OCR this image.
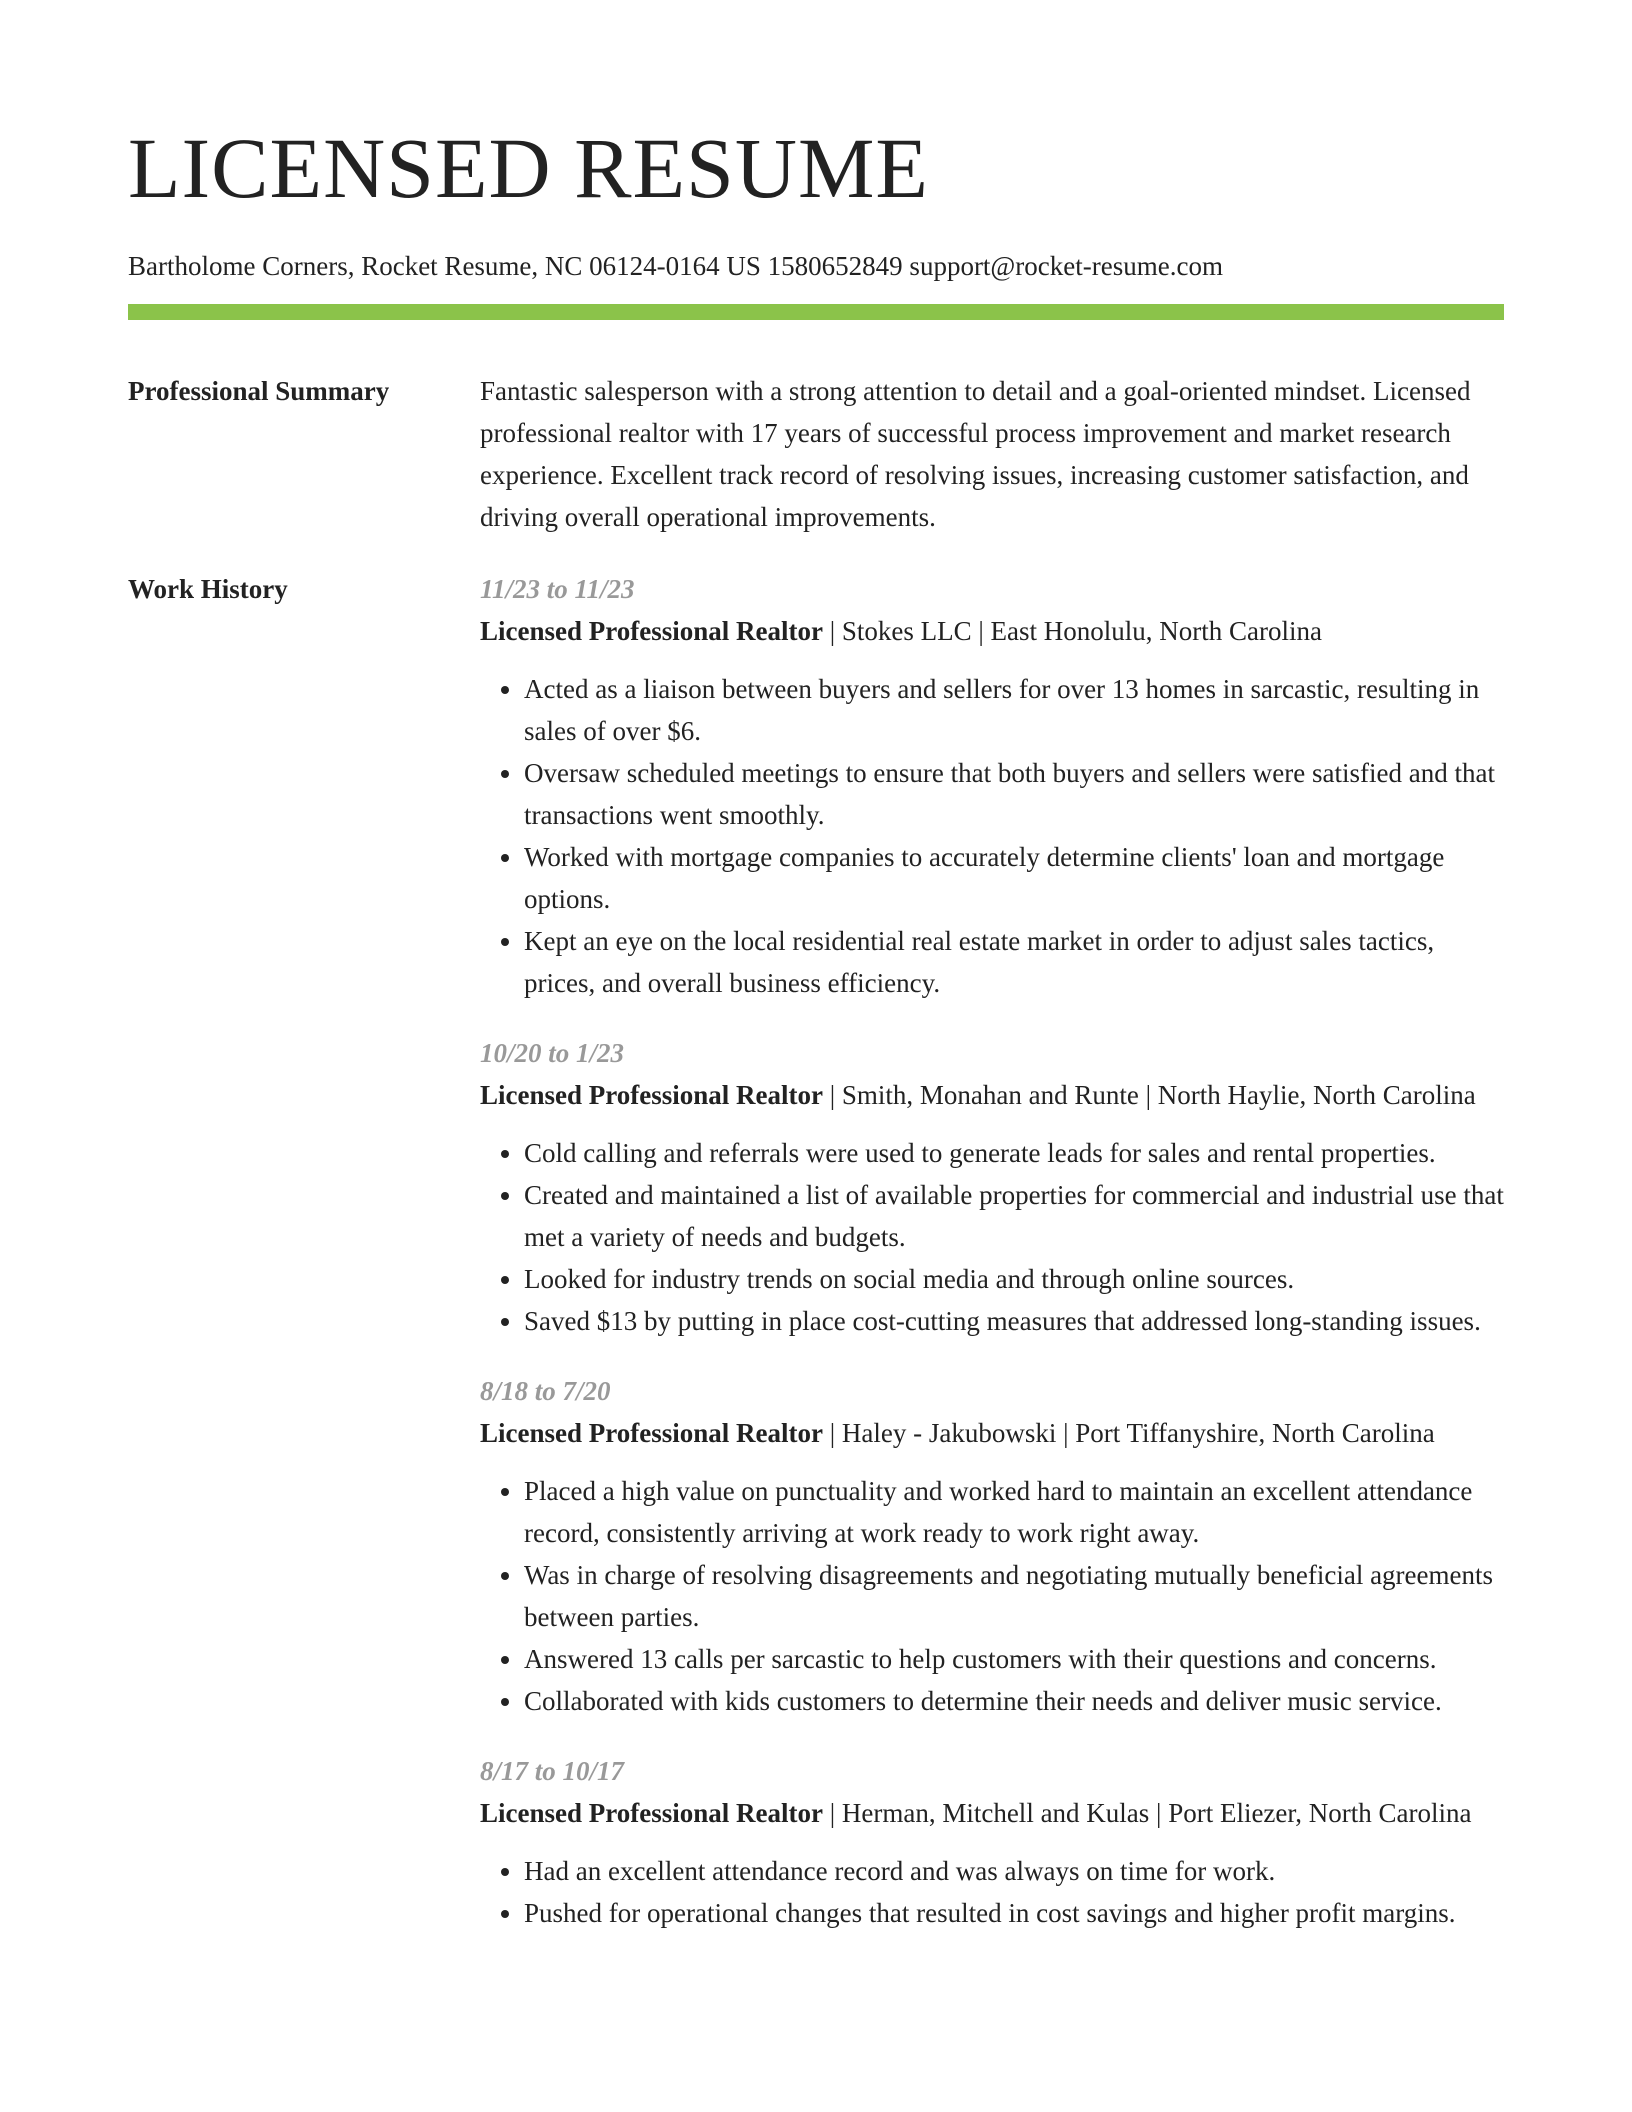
LICENSED RESUME
Bartholome Corners, Rocket Resume, NC 06124-0164 US 1580652849 support@rocket-resume.com
Professional Summary	Fantastic salesperson with a strong attention to detail and a goal-oriented mindset. Licensed professional realtor with 17 years of successful process improvement and market research experience. Excellent track record of resolving issues, increasing customer satisfaction, and driving overall operational improvements.

Work History	11/23 to 11/23
Licensed Professional Realtor | Stokes LLC | East Honolulu, North Carolina
• Acted as a liaison between buyers and sellers for over 13 homes in sarcastic, resulting in sales of over $6.
• Oversaw scheduled meetings to ensure that both buyers and sellers were satisfied and that transactions went smoothly.
• Worked with mortgage companies to accurately determine clients' loan and mortgage options.
• Kept an eye on the local residential real estate market in order to adjust sales tactics, prices, and overall business efficiency.
10/20 to 1/23
Licensed Professional Realtor | Smith, Monahan and Runte | North Haylie, North Carolina
• Cold calling and referrals were used to generate leads for sales and rental properties.
• Created and maintained a list of available properties for commercial and industrial use that met a variety of needs and budgets.
• Looked for industry trends on social media and through online sources.
• Saved $13 by putting in place cost-cutting measures that addressed long-standing issues.
8/18 to 7/20
Licensed Professional Realtor | Haley - Jakubowski | Port Tiffanyshire, North Carolina
• Placed a high value on punctuality and worked hard to maintain an excellent attendance record, consistently arriving at work ready to work right away.
• Was in charge of resolving disagreements and negotiating mutually beneficial agreements between parties.
• Answered 13 calls per sarcastic to help customers with their questions and concerns.
• Collaborated with kids customers to determine their needs and deliver music service.
8/17 to 10/17
Licensed Professional Realtor | Herman, Mitchell and Kulas | Port Eliezer, North Carolina
• Had an excellent attendance record and was always on time for work.
• Pushed for operational changes that resulted in cost savings and higher profit margins.
